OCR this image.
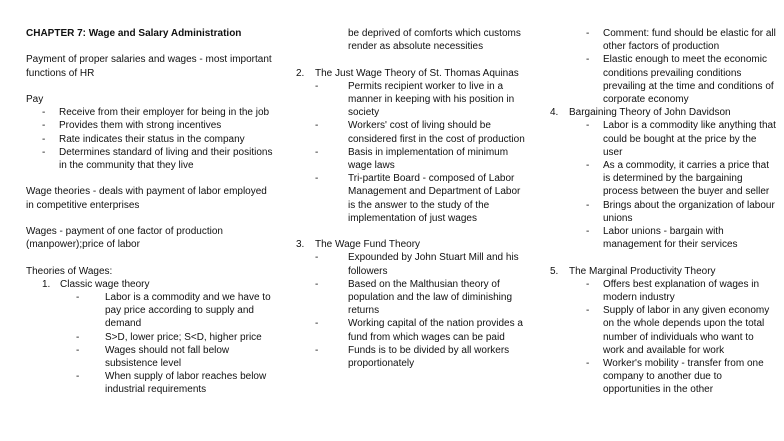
CHAPTER 7: Wage and Salary Administration

Payment of proper salaries and wages - most important functions of HR

Pay

- Receive from their employer for being in the job
- Provides them with strong incentives
- Rate indicates their status in the company
- Determines standard of living and their positions in the community that they live

Wage theories - deals with payment of labor employed in competitive enterprises

Wages - payment of one factor of production (manpower);price of labor

Theories of Wages:

1. Classic wage theory
-	Labor is a commodity and we have to pay price according to supply and demand
-	S>D, lower price; S<D, higher price
-	Wages should not fall below subsistence level
-	When supply of labor reaches below industrial requirements

be deprived of comforts which customs render as absolute necessities

2. The Just Wage Theory of St. Thomas Aquinas
-	Permits recipient worker to live in a manner in keeping with his position in society
-	Workers' cost of living should be considered first in the cost of production
-	Basis in implementation of minimum wage laws
-	Tri-partite Board - composed of Labor Management and Department of Labor is the answer to the study of the implementation of just wages
3. The Wage Fund Theory
-	Expounded by John Stuart Mill and his followers
-	Based on the Malthusian theory of population and the law of diminishing returns
-	Working capital of the nation provides a fund from which wages can be paid
-	Funds is to be divided by all workers proportionately
- Comment: fund should be elastic for all other factors of production
- Elastic enough to meet the economic conditions prevailing conditions prevailing at the time and conditions of corporate economy
4. Bargaining Theory of John Davidson
- Labor is a commodity like anything that could be bought at the price by the user
- As a commodity, it carries a price that is determined by the bargaining process between the buyer and seller
- Brings about the organization of labour unions
- Labor unions - bargain with management for their services
5. The Marginal Productivity Theory
- Offers best explanation of wages in modern industry
- Supply of labor in any given economy on the whole depends upon the total number of individuals who want to work and available for work
- Worker's mobility - transfer from one company to another due to opportunities in the other
